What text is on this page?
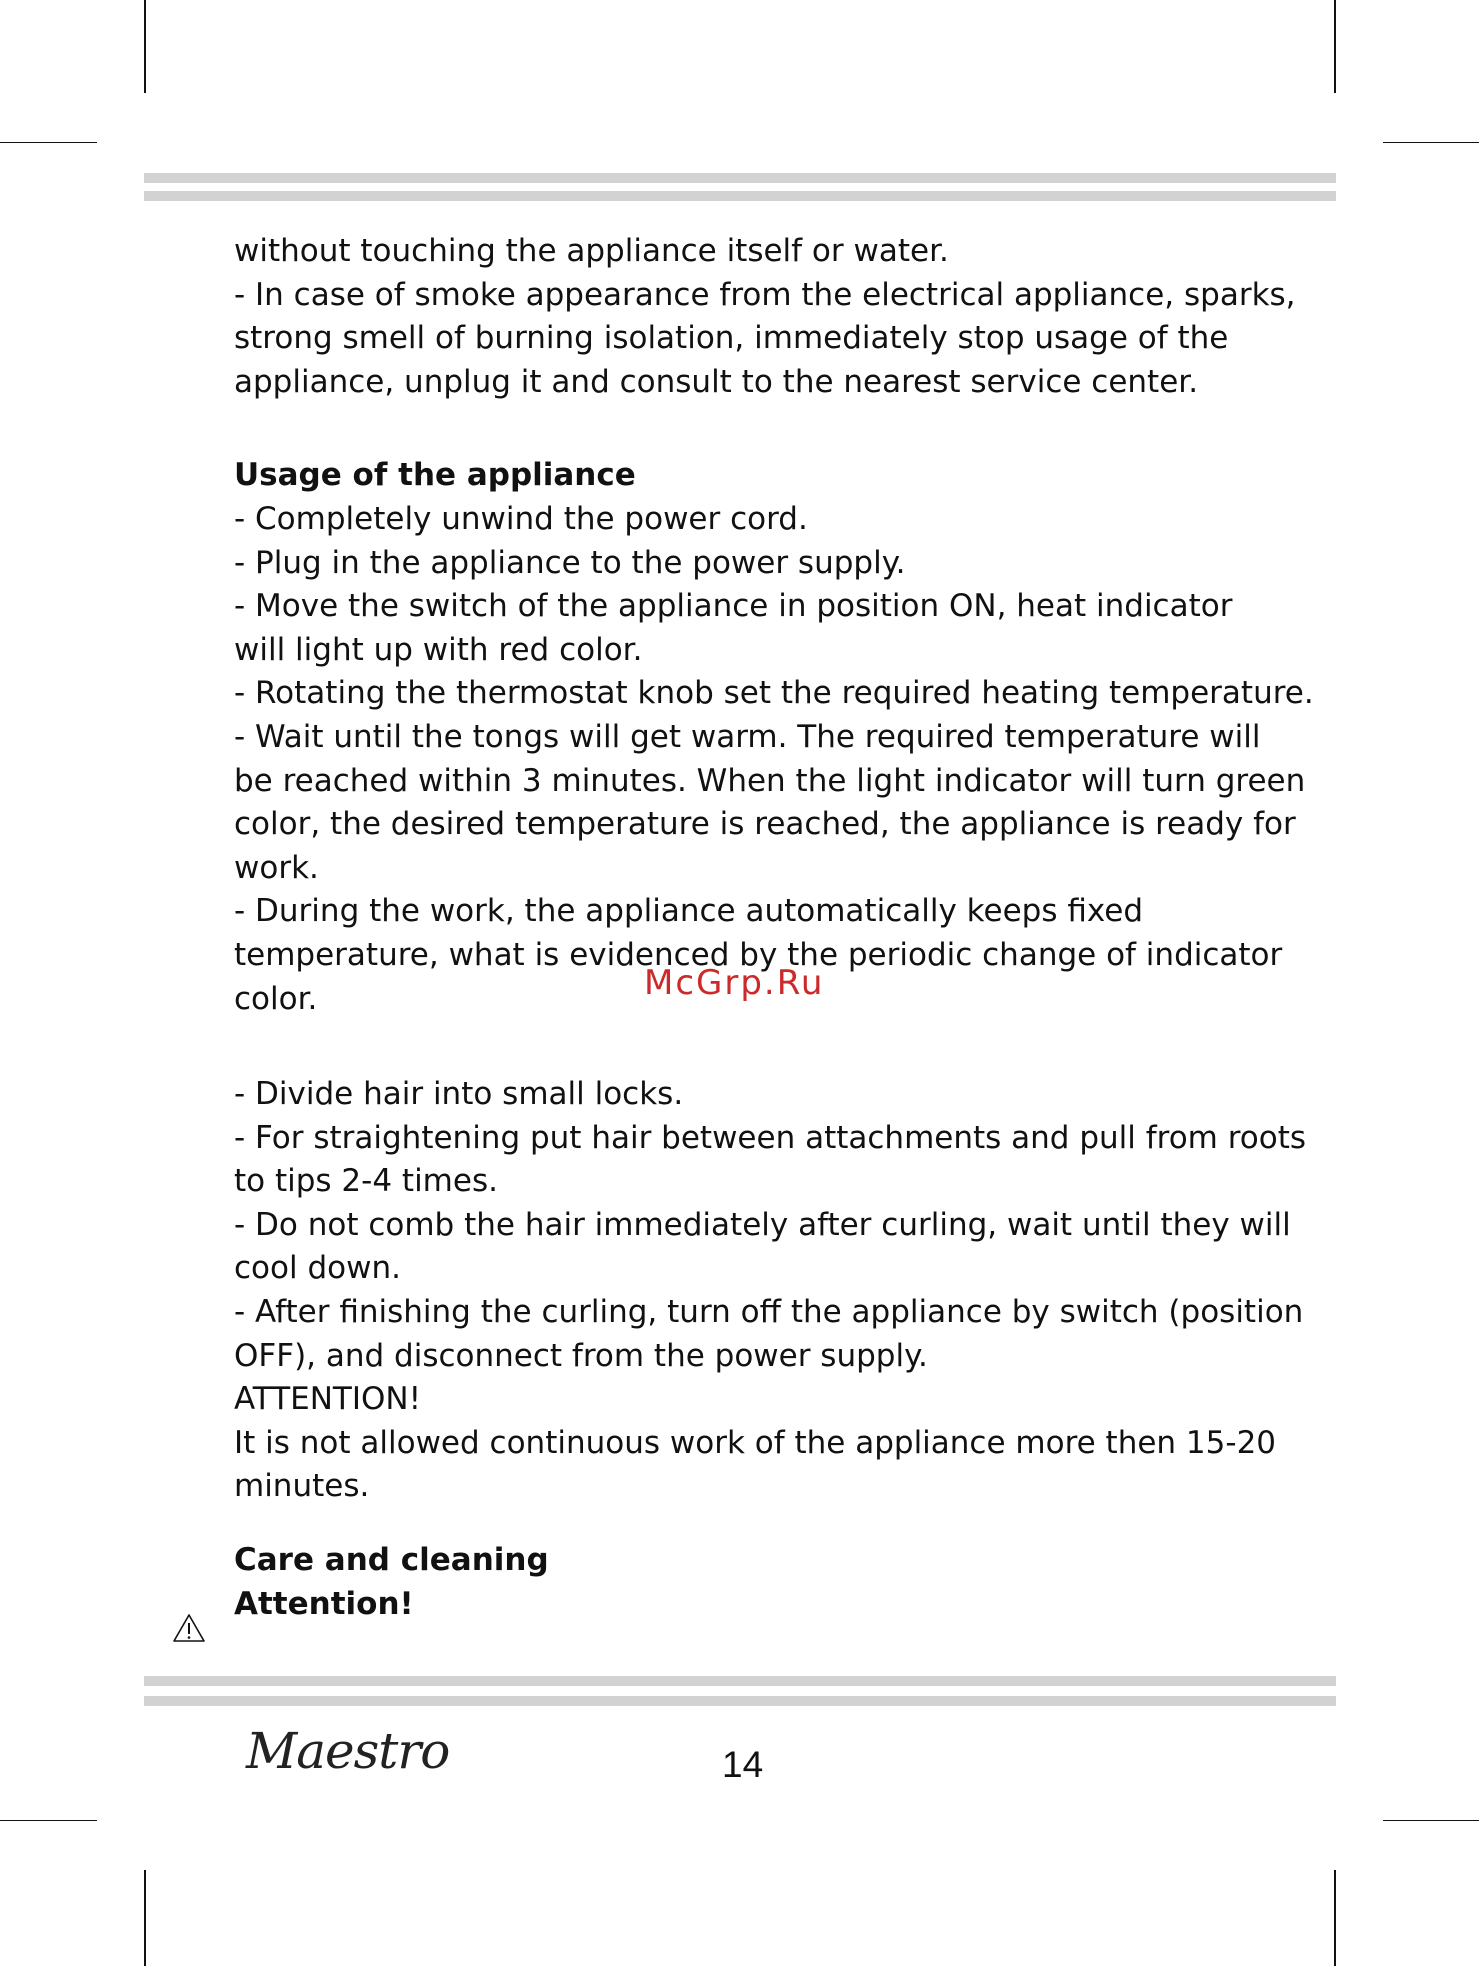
without touching the appliance itself or water.

- In case of smoke appearance from the electrical appliance, sparks,

strong smell of burning isolation, immediately stop usage of the

appliance, unplug it and consult to the nearest service center.

Usage of the appliance

- Completely unwind the power cord.

- Plug in the appliance to the power supply.

- Move the switch of the appliance in position ON, heat indicator

will light up with red color.

- Rotating the thermostat knob set the required heating temperature.

- Wait until the tongs will get warm. The required temperature will

be reached within 3 minutes. When the light indicator will turn green

color, the desired temperature is reached, the appliance is ready for

work.

- During the work, the appliance automatically keeps fixed

temperature, what is evidenced by the periodic change of indicator

color.

- Divide hair into small locks.

- For straightening put hair between attachments and pull from roots

to tips 2-4 times.

- Do not comb the hair immediately after curling, wait until they will

cool down.

- After finishing the curling, turn off the appliance by switch (position

OFF), and disconnect from the power supply.

ATTENTION!

It is not allowed continuous work of the appliance more then 15-20

minutes.

Care and cleaning

Attention!

McGrp.Ru
Maestro	14
